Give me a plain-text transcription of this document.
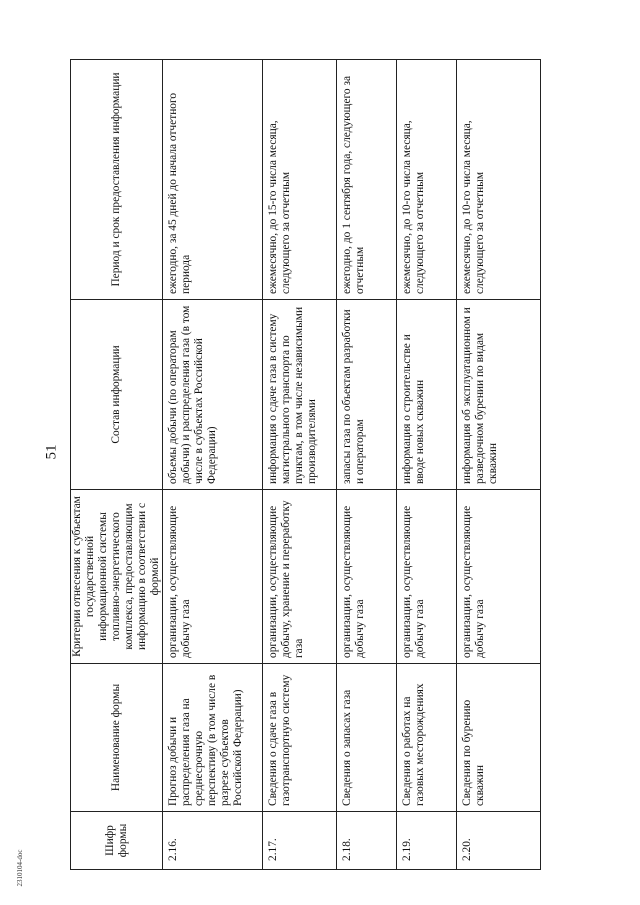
51
Шифр формы
Наименование формы
Критерии отнесения к субъектам государственной информационной системы топливно-энергетического комплекса, предоставляющим информацию в соответствии с формой
Состав информации
Период и срок предоставления информации
2.16.
Прогноз добычи и распределения газа на среднесрочную перспективу (в том числе в разрезе субъектов Российской Федерации)
организации, осуществляющие добычу газа
объемы добычи (по операторам добычи) и распределения газа (в том числе в субъектах Российской Федерации)
ежегодно, за 45 дней до начала отчетного периода
2.17.
Сведения о сдаче газа в газотранспортную систему
организации, осуществляющие добычу, хранение и переработку газа
информация о сдаче газа в систему магистрального транспорта по пунктам, в том числе независимыми производителями
ежемесячно, до 15-го числа месяца, следующего за отчетным
2.18.
Сведения о запасах газа
организации, осуществляющие добычу газа
запасы газа по объектам разработки и операторам
ежегодно, до 1 сентября года, следующего за отчетным
2.19.
Сведения о работах на газовых месторождениях
организации, осуществляющие добычу газа
информация о строительстве и вводе новых скважин
ежемесячно, до 10-го числа месяца, следующего за отчетным
2.20.
Сведения по бурению скважин
организации, осуществляющие добычу газа
информация об эксплуатационном и разведочном бурении по видам скважин
ежемесячно, до 10-го числа месяца, следующего за отчетным
2310104-doc
